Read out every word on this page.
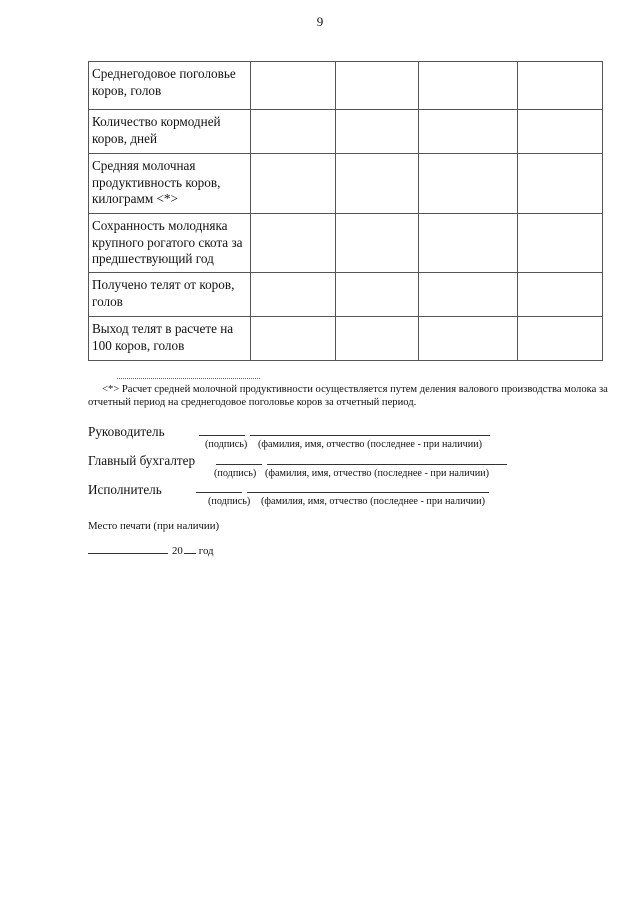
9
Среднегодовое поголовье коров, голов				
Количество кормодней коров, дней				
Средняя молочная продуктивность коров, килограмм <*>				
Сохранность молодняка крупного рогатого скота за предшествующий год				
Получено телят от коров, голов				
Выход телят в расчете на 100 коров, голов				
<*> Расчет средней молочной продуктивности осуществляется путем деления валового производства молока за отчетный период на среднегодовое поголовье коров за отчетный период.
Руководитель
(подпись) (фамилия, имя, отчество (последнее - при наличии)
Главный бухгалтер
(подпись) (фамилия, имя, отчество (последнее - при наличии)
Исполнитель
(подпись) (фамилия, имя, отчество (последнее - при наличии)
Место печати (при наличии)
20 год
